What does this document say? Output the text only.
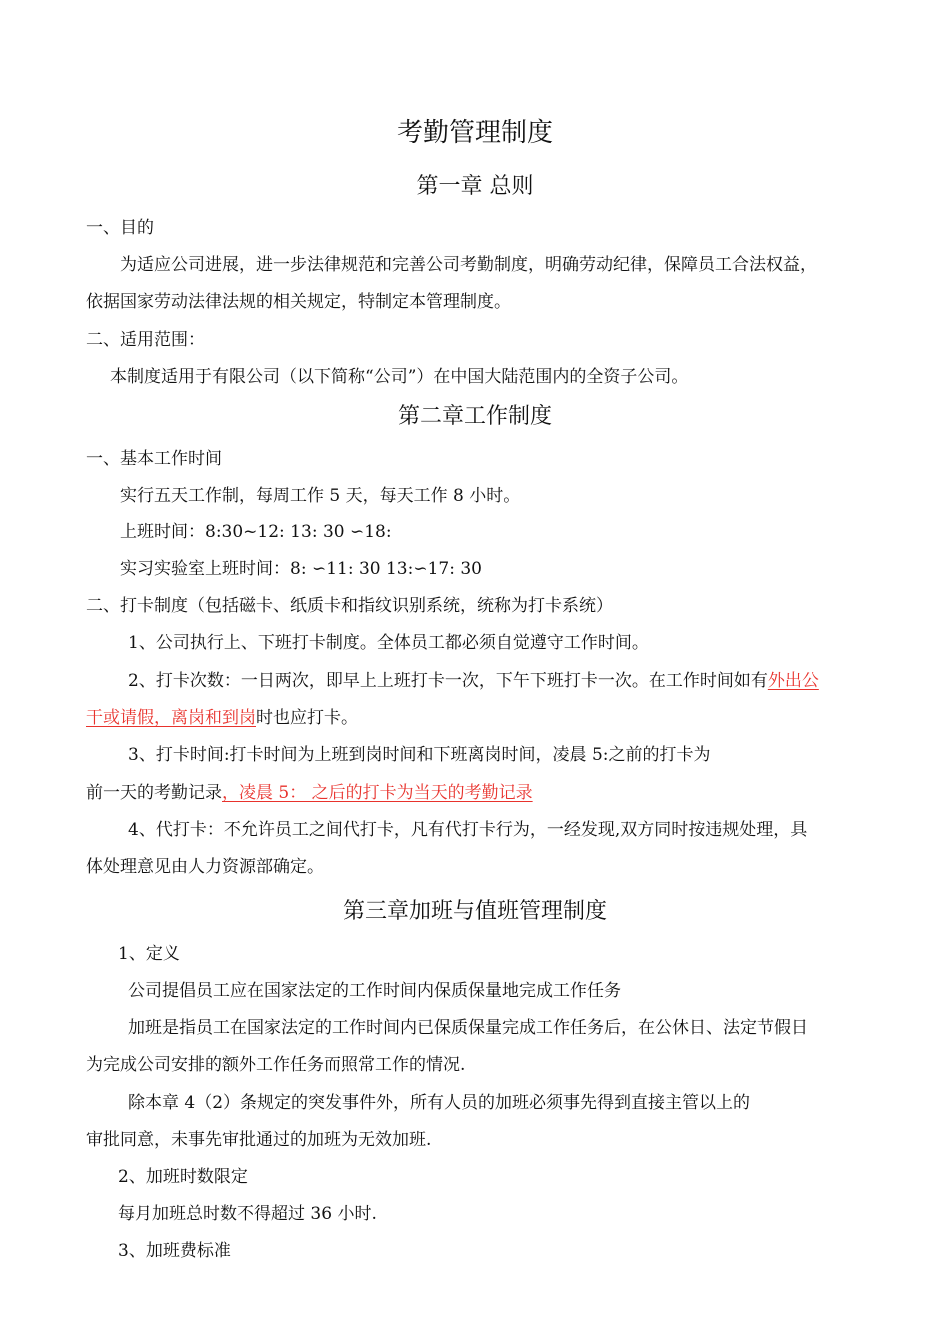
考勤管理制度
第一章 总则
一、目的
为适应公司进展，进一步法律规范和完善公司考勤制度，明确劳动纪律，保障员工合法权益，
依据国家劳动法律法规的相关规定，特制定本管理制度。
二、适用范围：
本制度适用于有限公司（以下简称“公司”）在中国大陆范围内的全资子公司。
第二章工作制度
一、基本工作时间
实行五天工作制，每周工作 5 天，每天工作 8 小时。
上班时间：8:30~12: 13: 30 ∽18:
实习实验室上班时间：8: ∽11: 30 13:∽17: 30
二、打卡制度（包括磁卡、纸质卡和指纹识别系统，统称为打卡系统）
1、公司执行上、下班打卡制度。全体员工都必须自觉遵守工作时间。
2、打卡次数：一日两次，即早上上班打卡一次，下午下班打卡一次。在工作时间如有外出公
干或请假，离岗和到岗时也应打卡。
3、打卡时间:打卡时间为上班到岗时间和下班离岗时间，凌晨 5:之前的打卡为
前一天的考勤记录，凌晨 5： 之后的打卡为当天的考勤记录
4、代打卡：不允许员工之间代打卡，凡有代打卡行为，一经发现,双方同时按违规处理，具
体处理意见由人力资源部确定。
第三章加班与值班管理制度
1、定义
公司提倡员工应在国家法定的工作时间内保质保量地完成工作任务
加班是指员工在国家法定的工作时间内已保质保量完成工作任务后，在公休日、法定节假日
为完成公司安排的额外工作任务而照常工作的情况.
除本章 4（2）条规定的突发事件外，所有人员的加班必须事先得到直接主管以上的
审批同意，未事先审批通过的加班为无效加班.
2、加班时数限定
每月加班总时数不得超过 36 小时.
3、加班费标准
